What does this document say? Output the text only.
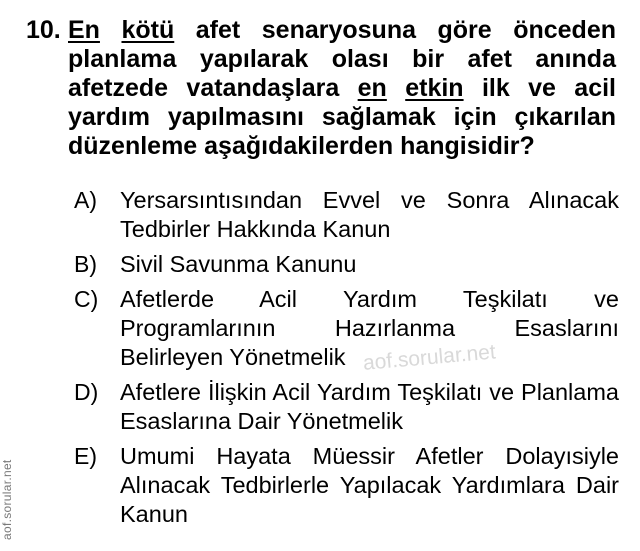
10. En kötü afet senaryosuna göre önceden planlama yapılarak olası bir afet anında afetzede vatandaşlara en etkin ilk ve acil yardım yapılmasını sağlamak için çıkarılan düzenleme aşağıdakilerden hangisidir?
A) Yersarsıntısından Evvel ve Sonra Alınacak Tedbirler Hakkında Kanun
B) Sivil Savunma Kanunu
C) Afetlerde Acil Yardım Teşkilatı ve Programlarının Hazırlanma Esaslarını Belirleyen Yönetmelik
D) Afetlere İlişkin Acil Yardım Teşkilatı ve Planlama Esaslarına Dair Yönetmelik
E) Umumi Hayata Müessir Afetler Dolayısiyle Alınacak Tedbirlerle Yapılacak Yardımlara Dair Kanun
aof.sorular.net
aof.sorular.net
